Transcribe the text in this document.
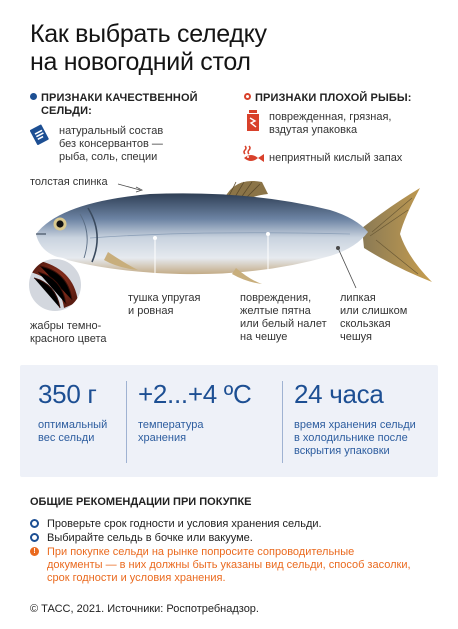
Как выбрать селедку
на новогодний стол
ПРИЗНАКИ КАЧЕСТВЕННОЙ
СЕЛЬДИ:
натуральный состав
без консервантов —
рыба, соль, специи
ПРИЗНАКИ ПЛОХОЙ РЫБЫ:
поврежденная, грязная,
вздутая упаковка
неприятный кислый запах
толстая спинка
жабры темно-
красного цвета
тушка упругая
и ровная
повреждения,
желтые пятна
или белый налет
на чешуе
липкая
или слишком
скользкая
чешуя
350 г
оптимальный
вес сельди
+2...+4 ºC
температура
хранения
24 часа
время хранения сельди
в холодильнике после
вскрытия упаковки
ОБЩИЕ РЕКОМЕНДАЦИИ ПРИ ПОКУПКЕ
Проверьте срок годности и условия хранения сельди.
Выбирайте сельдь в бочке или вакууме.
!
При покупке сельди на рынке попросите сопроводительные
документы — в них должны быть указаны вид сельди, способ засолки,
срок годности и условия хранения.
© ТАСС, 2021. Источники: Роспотребнадзор.
